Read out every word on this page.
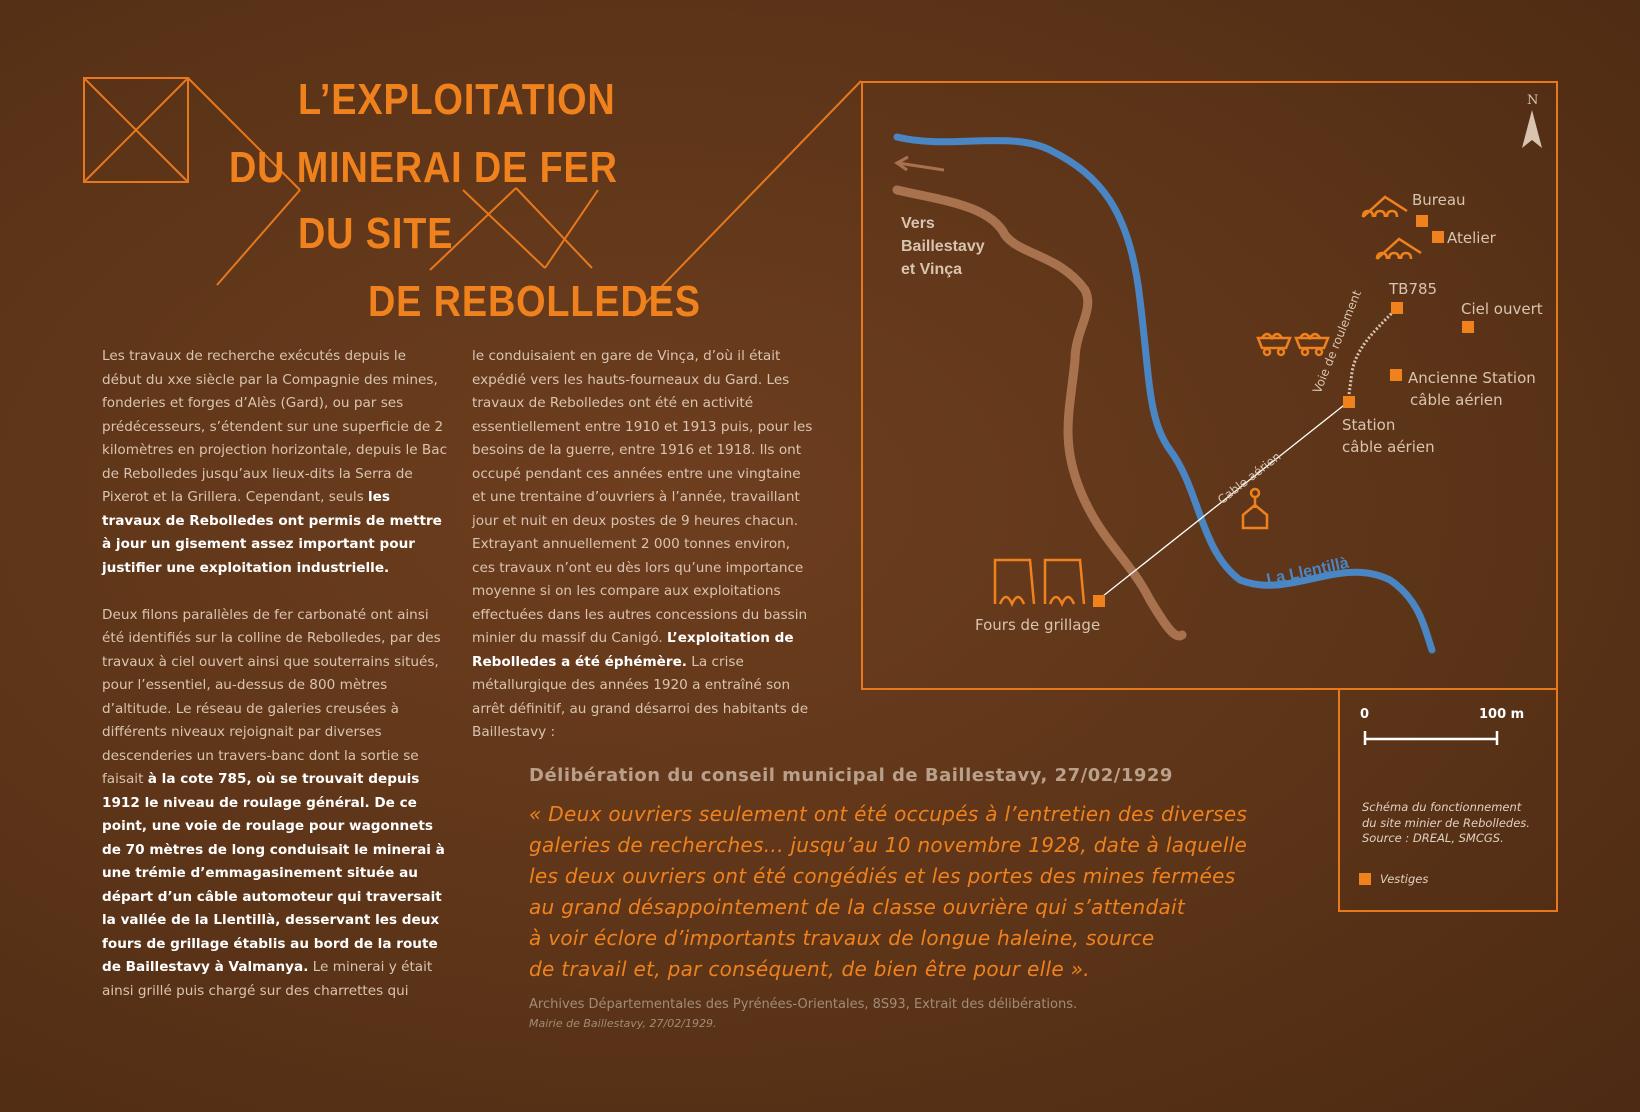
L’EXPLOITATION
DU MINERAI DE FER
DU SITE
DE REBOLLEDES

Les travaux de recherche exécutés depuis le début du xxe siècle par la Compagnie des mines, fonderies et forges d’Alès (Gard), ou par ses prédécesseurs, s’étendent sur une superficie de 2 kilomètres en projection horizontale, depuis le Bac de Rebolledes jusqu’aux lieux-dits la Serra de Pixerot et la Grillera. Cependant, seuls les travaux de Rebolledes ont permis de mettre à jour un gisement assez important pour justifier une exploitation industrielle.

Deux filons parallèles de fer carbonaté ont ainsi été identifiés sur la colline de Rebolledes, par des travaux à ciel ouvert ainsi que souterrains situés, pour l’essentiel, au-dessus de 800 mètres d’altitude. Le réseau de galeries creusées à différents niveaux rejoignait par diverses descenderies un travers-banc dont la sortie se faisait à la cote 785, où se trouvait depuis 1912 le niveau de roulage général. De ce point, une voie de roulage pour wagonnets de 70 mètres de long conduisait le minerai à une trémie d’emmagasinement située au départ d’un câble automoteur qui traversait la vallée de la Llentillà, desservant les deux fours de grillage établis au bord de la route de Baillestavy à Valmanya. Le minerai y était ainsi grillé puis chargé sur des charrettes qui

le conduisaient en gare de Vinça, d’où il était expédié vers les hauts-fourneaux du Gard. Les travaux de Rebolledes ont été en activité essentiellement entre 1910 et 1913 puis, pour les besoins de la guerre, entre 1916 et 1918. Ils ont occupé pendant ces années entre une vingtaine et une trentaine d’ouvriers à l’année, travaillant jour et nuit en deux postes de 9 heures chacun. Extrayant annuellement 2 000 tonnes environ, ces travaux n’ont eu dès lors qu’une importance moyenne si on les compare aux exploitations effectuées dans les autres concessions du bassin minier du massif du Canigó. L’exploitation de Rebolledes a été éphémère. La crise métallurgique des années 1920 a entraîné son arrêt définitif, au grand désarroi des habitants de Baillestavy :

Délibération du conseil municipal de Baillestavy, 27/02/1929
« Deux ouvriers seulement ont été occupés à l’entretien des diverses
galeries de recherches... jusqu’au 10 novembre 1928, date à laquelle
les deux ouvriers ont été congédiés et les portes des mines fermées
au grand désappointement de la classe ouvrière qui s’attendait
à voir éclore d’importants travaux de longue haleine, source
de travail et, par conséquent, de bien être pour elle ».
Archives Départementales des Pyrénées-Orientales, 8S93, Extrait des délibérations.
Mairie de Baillestavy, 27/02/1929.
N
Vers
Baillestavy
et Vinça
Bureau
Atelier
TB785
Ciel ouvert
Ancienne Station
câble aérien
Station
câble aérien
Voie de roulement
Cable aérien
La Llentillà
Fours de grillage
0	100 m
Schéma du fonctionnement
du site minier de Rebolledes.
Source : DREAL, SMCGS.
Vestiges
